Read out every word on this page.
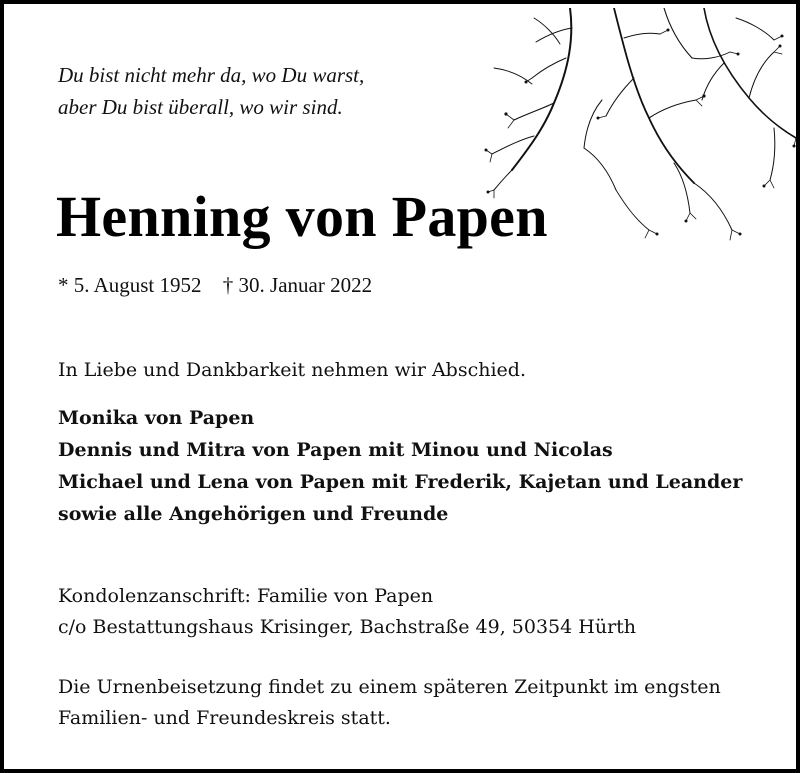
Du bist nicht mehr da, wo Du warst,
aber Du bist überall, wo wir sind.
Henning von Papen
* 5. August 1952 † 30. Januar 2022
In Liebe und Dankbarkeit nehmen wir Abschied.
Monika von Papen
Dennis und Mitra von Papen mit Minou und Nicolas
Michael und Lena von Papen mit Frederik, Kajetan und Leander
sowie alle Angehörigen und Freunde
Kondolenzanschrift: Familie von Papen
c/o Bestattungshaus Krisinger, Bachstraße 49, 50354 Hürth
Die Urnenbeisetzung findet zu einem späteren Zeitpunkt im engsten
Familien- und Freundeskreis statt.
